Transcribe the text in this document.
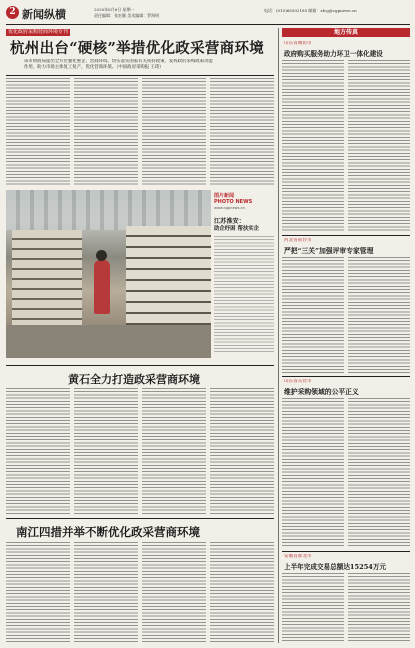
2 新闻纵横	2020年6月8日 星期一
责任编辑：张宏颖 美术编辑：罗海明
电话：(010)68392185 邮箱：zfcg@cgpnews.cn
优化政府采购营商环境专刊
杭州出台“硬核”举措优化政采营商环境
该市财政局提出全方位强化惠企、营商环境、切实落实国家有关扶持政策，发挥政府采购政策功能
作用，助力市场主体复工复产，优化营商环境。（中国政府采购报 王琦）
图片新闻
PHOTO NEWS
www.cgpnews.cn
江苏淮安：
助企纾困 帮扶实企
黄石全力打造政采营商环境
南江四措并举不断优化政采营商环境
地方传真
山东省潍坊市
政府购买服务助力环卫一体化建设
河北省邢台市
严把“三关”加强评审专家管理
山东省东营市
维护采购领域的公平正义
安徽省淮北市
上半年完成交易总额达15254万元
